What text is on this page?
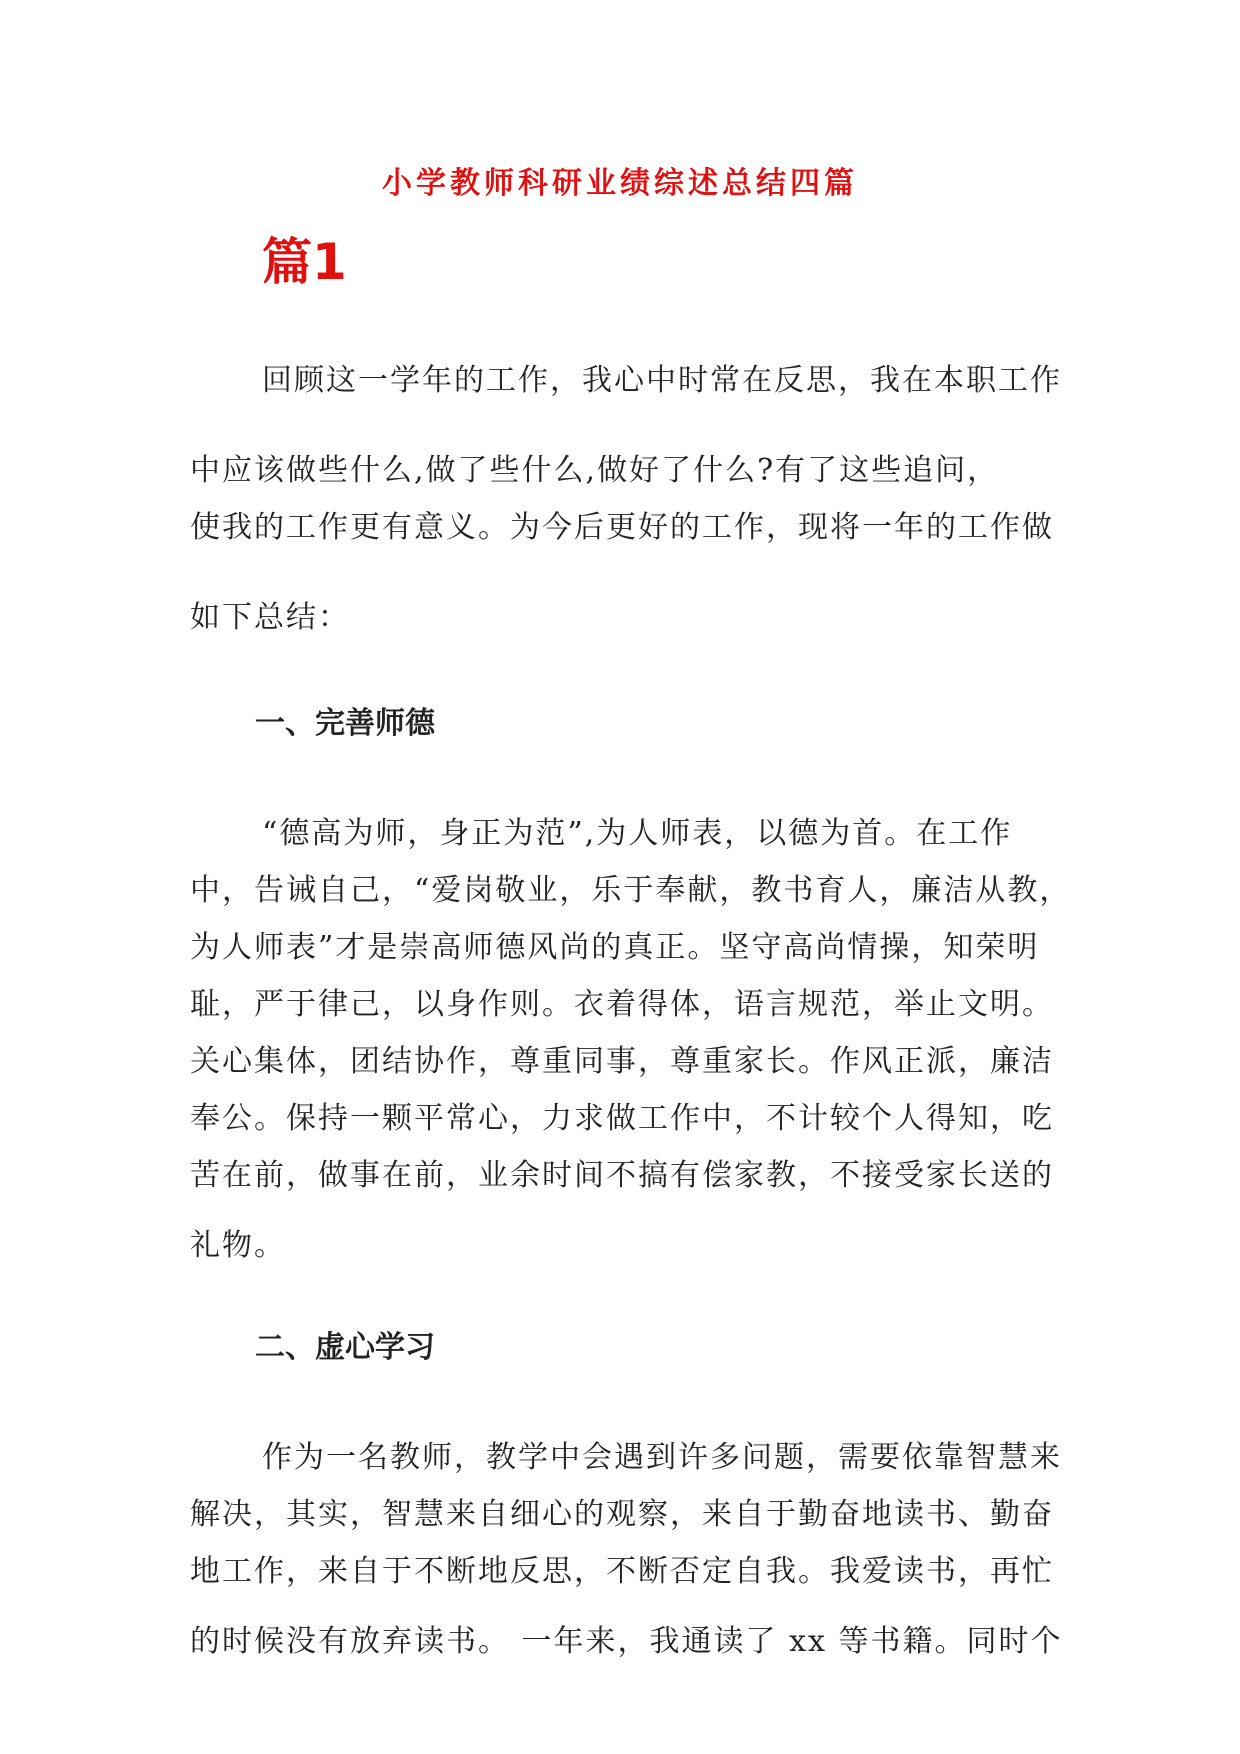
小学教师科研业绩综述总结四篇
篇1
回顾这一学年的工作，我心中时常在反思，我在本职工作
中应该做些什么,做了些什么,做好了什么?有了这些追问，
使我的工作更有意义。为今后更好的工作，现将一年的工作做
如下总结：
一、完善师德
“德高为师，身正为范”,为人师表，以德为首。在工作
中，告诫自己，“爱岗敬业，乐于奉献，教书育人，廉洁从教，
为人师表”才是崇高师德风尚的真正。坚守高尚情操，知荣明
耻，严于律己，以身作则。衣着得体，语言规范，举止文明。
关心集体，团结协作，尊重同事，尊重家长。作风正派，廉洁
奉公。保持一颗平常心，力求做工作中，不计较个人得知，吃
苦在前，做事在前，业余时间不搞有偿家教，不接受家长送的
礼物。
二、虚心学习
作为一名教师，教学中会遇到许多问题，需要依靠智慧来
解决，其实，智慧来自细心的观察，来自于勤奋地读书、勤奋
地工作，来自于不断地反思，不断否定自我。我爱读书，再忙
的时候没有放弃读书。 一年来，我通读了 xx 等书籍。同时个
